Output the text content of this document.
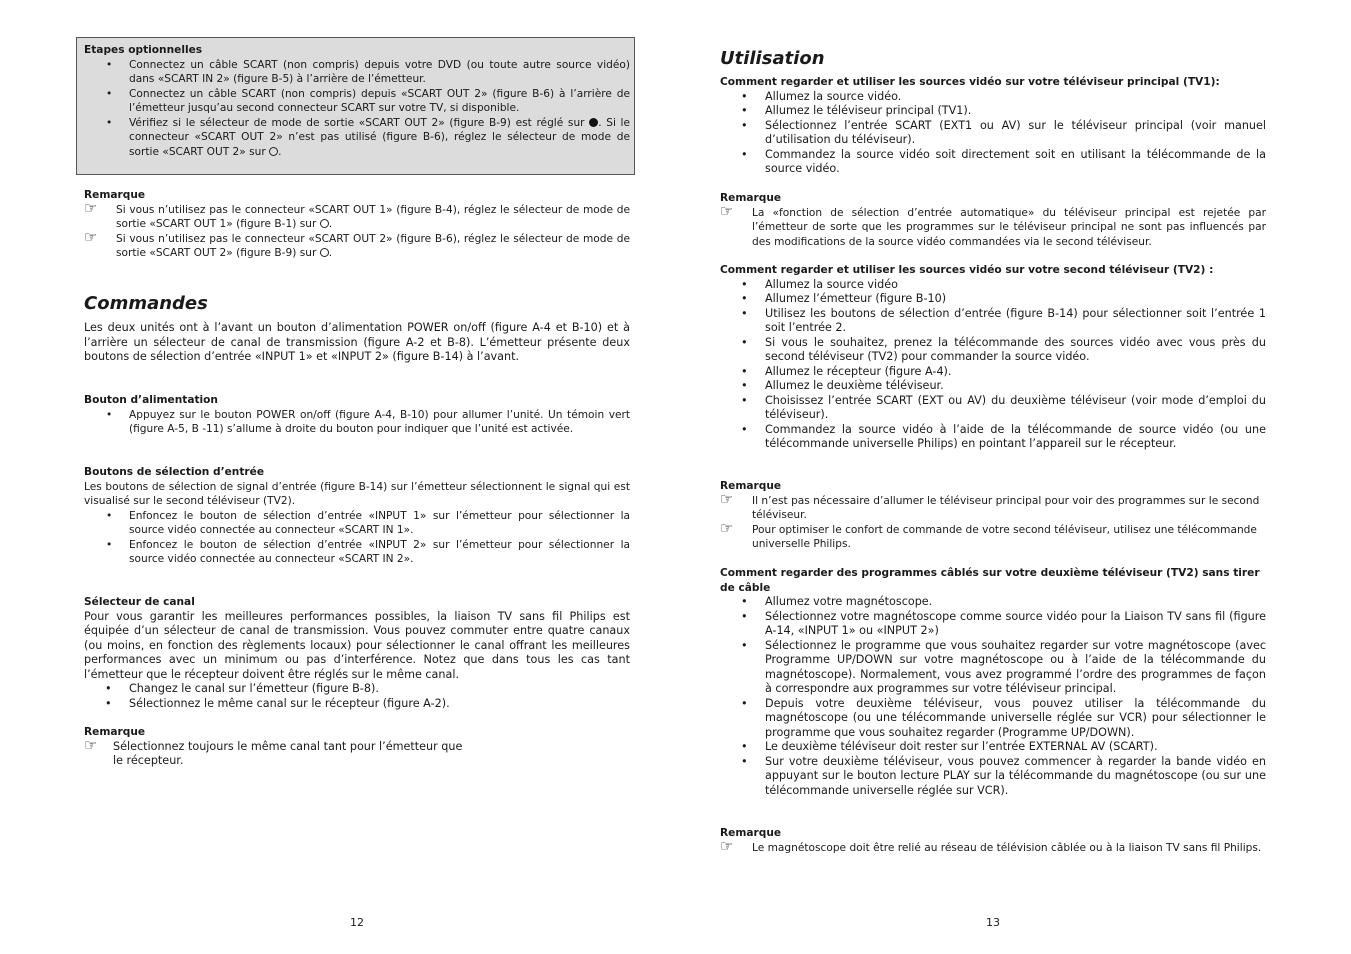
Etapes optionnelles

• Connectez un câble SCART (non compris) depuis votre DVD (ou toute autre source vidéo) dans «SCART IN 2» (figure B-5) à l’arrière de l’émetteur.
• Connectez un câble SCART (non compris) depuis «SCART OUT 2» (figure B-6) à l’arrière de l’émetteur jusqu’au second connecteur SCART sur votre TV, si disponible.
• Vérifiez si le sélecteur de mode de sortie «SCART OUT 2» (figure B-9) est réglé sur . Si le connecteur «SCART OUT 2» n’est pas utilisé (figure B-6), réglez le sélecteur de mode de sortie «SCART OUT 2» sur .

Remarque

☞ Si vous n’utilisez pas le connecteur «SCART OUT 1» (figure B-4), réglez le sélecteur de mode de sortie «SCART OUT 1» (figure B-1) sur .
☞ Si vous n’utilisez pas le connecteur «SCART OUT 2» (figure B-6), réglez le sélecteur de mode de sortie «SCART OUT 2» (figure B-9) sur .
Commandes

Les deux unités ont à l’avant un bouton d’alimentation POWER on/off (figure A-4 et B-10) et à l’arrière un sélecteur de canal de transmission (figure A-2 et B-8). L’émetteur présente deux boutons de sélection d’entrée «INPUT 1» et «INPUT 2» (figure B-14) à l’avant.

Bouton d’alimentation

• Appuyez sur le bouton POWER on/off (figure A-4, B-10) pour allumer l’unité. Un témoin vert (figure A-5, B -11) s’allume à droite du bouton pour indiquer que l’unité est activée.

Boutons de sélection d’entrée

Les boutons de sélection de signal d’entrée (figure B-14) sur l’émetteur sélectionnent le signal qui est visualisé sur le second téléviseur (TV2).

• Enfoncez le bouton de sélection d’entrée «INPUT 1» sur l’émetteur pour sélectionner la source vidéo connectée au connecteur «SCART IN 1».
• Enfoncez le bouton de sélection d’entrée «INPUT 2» sur l’émetteur pour sélectionner la source vidéo connectée au connecteur «SCART IN 2».

Sélecteur de canal

Pour vous garantir les meilleures performances possibles, la liaison TV sans fil Philips est équipée d’un sélecteur de canal de transmission. Vous pouvez commuter entre quatre canaux (ou moins, en fonction des règlements locaux) pour sélectionner le canal offrant les meilleures performances avec un minimum ou pas d’interférence. Notez que dans tous les cas tant l’émetteur que le récepteur doivent être réglés sur le même canal.

• Changez le canal sur l’émetteur (figure B-8).
• Sélectionnez le même canal sur le récepteur (figure A-2).

Remarque

☞ Sélectionnez toujours le même canal tant pour l’émetteur que
le récepteur.
12
Utilisation

Comment regarder et utiliser les sources vidéo sur votre téléviseur principal (TV1):

• Allumez la source vidéo.
• Allumez le téléviseur principal (TV1).
• Sélectionnez l’entrée SCART (EXT1 ou AV) sur le téléviseur principal (voir manuel d’utilisation du téléviseur).
• Commandez la source vidéo soit directement soit en utilisant la télécommande de la source vidéo.

Remarque

☞ La «fonction de sélection d’entrée automatique» du téléviseur principal est rejetée par l’émetteur de sorte que les programmes sur le téléviseur principal ne sont pas influencés par des modifications de la source vidéo commandées via le second téléviseur.

Comment regarder et utiliser les sources vidéo sur votre second téléviseur (TV2) :

• Allumez la source vidéo
• Allumez l’émetteur (figure B-10)
• Utilisez les boutons de sélection d’entrée (figure B-14) pour sélectionner soit l’entrée 1 soit l’entrée 2.
• Si vous le souhaitez, prenez la télécommande des sources vidéo avec vous près du second téléviseur (TV2) pour commander la source vidéo.
• Allumez le récepteur (figure A-4).
• Allumez le deuxième téléviseur.
• Choisissez l’entrée SCART (EXT ou AV) du deuxième téléviseur (voir mode d’emploi du téléviseur).
• Commandez la source vidéo à l’aide de la télécommande de source vidéo (ou une télécommande universelle Philips) en pointant l’appareil sur le récepteur.

Remarque

☞ Il n’est pas nécessaire d’allumer le téléviseur principal pour voir des programmes sur le second téléviseur.
☞ Pour optimiser le confort de commande de votre second téléviseur, utilisez une télécommande universelle Philips.

Comment regarder des programmes câblés sur votre deuxième téléviseur (TV2) sans tirer de câble

• Allumez votre magnétoscope.
• Sélectionnez votre magnétoscope comme source vidéo pour la Liaison TV sans fil (figure A-14, «INPUT 1» ou «INPUT 2»)
• Sélectionnez le programme que vous souhaitez regarder sur votre magnétoscope (avec Programme UP/DOWN sur votre magnétoscope ou à l’aide de la télécommande du magnétoscope). Normalement, vous avez programmé l’ordre des programmes de façon à correspondre aux programmes sur votre téléviseur principal.
• Depuis votre deuxième téléviseur, vous pouvez utiliser la télécommande du magnétoscope (ou une télécommande universelle réglée sur VCR) pour sélectionner le programme que vous souhaitez regarder (Programme UP/DOWN).
• Le deuxième téléviseur doit rester sur l’entrée EXTERNAL AV (SCART).
• Sur votre deuxième téléviseur, vous pouvez commencer à regarder la bande vidéo en appuyant sur le bouton lecture PLAY sur la télécommande du magnétoscope (ou sur une télécommande universelle réglée sur VCR).

Remarque

☞ Le magnétoscope doit être relié au réseau de télévision câblée ou à la liaison TV sans fil Philips.
13
